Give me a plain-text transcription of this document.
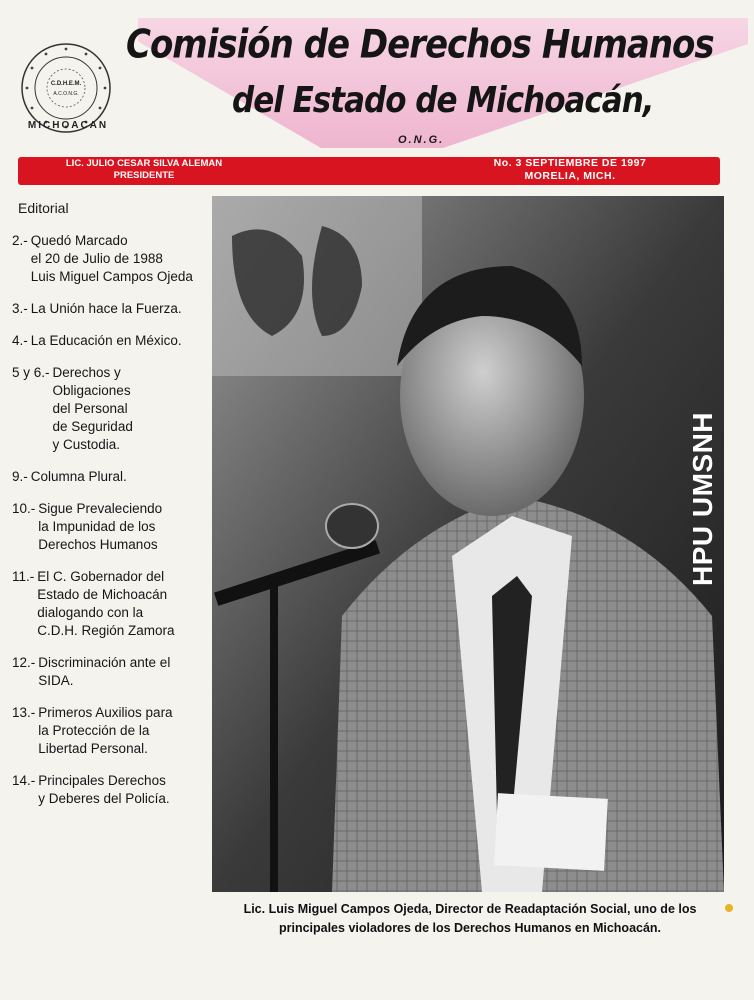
C.D.H.E.M.
A.C.O.N.G.
MICHOACAN
Comisión de Derechos Humanos
del Estado de Michoacán,
O.N.G.
LIC. JULIO CESAR SILVA ALEMAN
PRESIDENTE
No. 3 SEPTIEMBRE DE 1997
MORELIA, MICH.
Editorial
2.- Quedó Marcado
el 20 de Julio de 1988
Luis Miguel Campos Ojeda
3.- La Unión hace la Fuerza.
4.- La Educación en México.
5 y 6.- Derechos y
Obligaciones
del Personal
de Seguridad
y Custodia.
9.- Columna Plural.
10.- Sigue Prevaleciendo
la Impunidad de los
Derechos Humanos
11.- El C. Gobernador del
Estado de Michoacán
dialogando con la
C.D.H. Región Zamora
12.- Discriminación ante el
SIDA.
13.- Primeros Auxilios para
la Protección de la
Libertad Personal.
14.- Principales Derechos
y Deberes del Policía.
HPU UMSNH
Lic. Luis Miguel Campos Ojeda, Director de Readaptación Social, uno de los principales violadores de los Derechos Humanos en Michoacán.
